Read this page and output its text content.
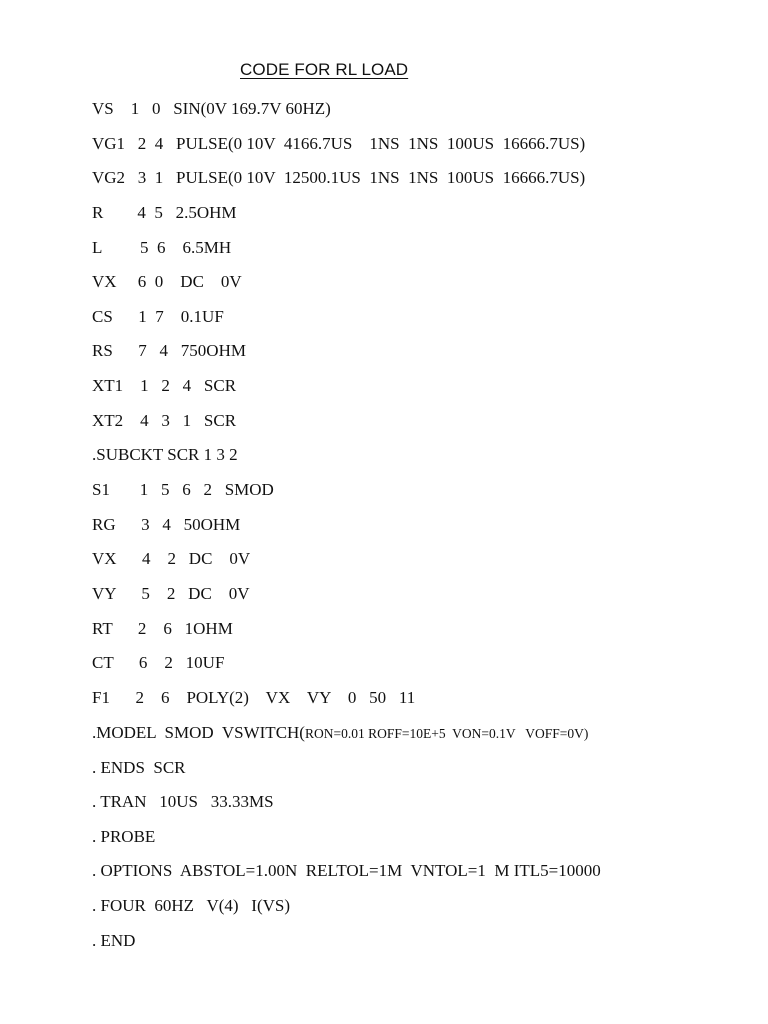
CODE FOR RL LOAD
VS    1   0   SIN(0V 169.7V 60HZ)
VG1   2  4   PULSE(0 10V  4166.7US    1NS  1NS  100US  16666.7US)
VG2   3  1   PULSE(0 10V  12500.1US  1NS  1NS  100US  16666.7US)
R        4  5   2.5OHM
L         5  6    6.5MH
VX     6  0    DC    0V
CS      1  7    0.1UF
RS      7   4   750OHM
XT1    1   2   4   SCR
XT2    4   3   1   SCR
.SUBCKT SCR 1 3 2
S1       1   5   6   2   SMOD
RG      3   4   50OHM
VX      4    2   DC    0V
VY      5    2   DC    0V
RT      2    6   1OHM
CT      6    2   10UF
F1      2    6    POLY(2)    VX    VY    0   50   11
.MODEL  SMOD  VSWITCH(RON=0.01 ROFF=10E+5  VON=0.1V   VOFF=0V)
. ENDS  SCR
. TRAN   10US   33.33MS
. PROBE
. OPTIONS  ABSTOL=1.00N  RELTOL=1M  VNTOL=1  M ITL5=10000
. FOUR  60HZ   V(4)   I(VS)
. END
